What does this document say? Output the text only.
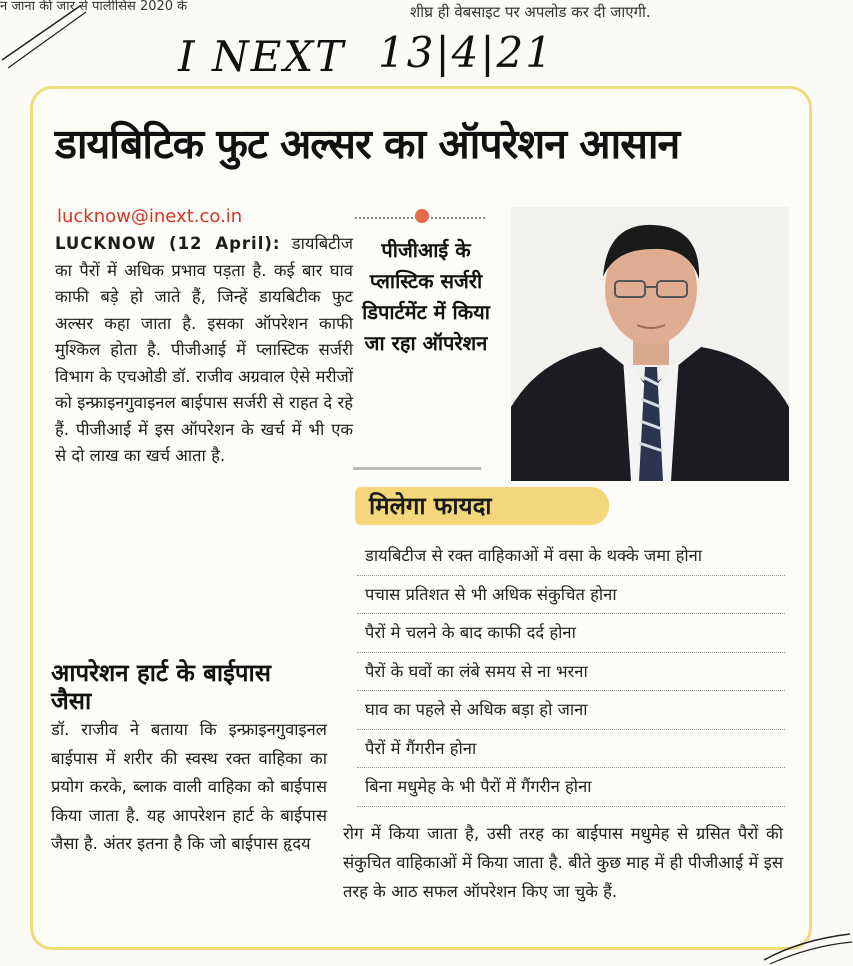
न जाना की जार से पालीसिस 2020 के	शीघ्र ही वेबसाइट पर अपलोड कर दी जाएगी.
I NEXT 13|4|21
डायबिटिक फुट अल्सर का ऑपरेशन आसान
lucknow@inext.co.in
LUCKNOW (12 April): डायबिटीज का पैरों में अधिक प्रभाव पड़ता है. कई बार घाव काफी बड़े हो जाते हैं, जिन्हें डायबिटीक फुट अल्सर कहा जाता है. इसका ऑपरेशन काफी मुश्किल होता है. पीजीआई में प्लास्टिक सर्जरी विभाग के एचओडी डॉ. राजीव अग्रवाल ऐसे मरीजों को इन्फ्राइनगुवाइनल बाईपास सर्जरी से राहत दे रहे हैं. पीजीआई में इस ऑपरेशन के खर्च में भी एक से दो लाख का खर्च आता है.
आपरेशन हार्ट के बाईपास जैसा
डॉ. राजीव ने बताया कि इन्फ्राइनगुवाइनल बाईपास में शरीर की स्वस्थ रक्त वाहिका का प्रयोग करके, ब्लाक वाली वाहिका को बाईपास किया जाता है. यह आपरेशन हार्ट के बाईपास जैसा है. अंतर इतना है कि जो बाईपास हृदय
पीजीआई के प्लास्टिक सर्जरी डिपार्टमेंट में किया जा रहा ऑपरेशन
मिलेगा फायदा
डायबिटीज से रक्त वाहिकाओं में वसा के थक्के जमा होना
पचास प्रतिशत से भी अधिक संकुचित होना
पैरों मे चलने के बाद काफी दर्द होना
पैरों के घवों का लंबे समय से ना भरना
घाव का पहले से अधिक बड़ा हो जाना
पैरों में गैंगरीन होना
बिना मधुमेह के भी पैरों में गैंगरीन होना
रोग में किया जाता है, उसी तरह का बाईपास मधुमेह से ग्रसित पैरों की संकुचित वाहिकाओं में किया जाता है. बीते कुछ माह में ही पीजीआई में इस तरह के आठ सफल ऑपरेशन किए जा चुके हैं.
